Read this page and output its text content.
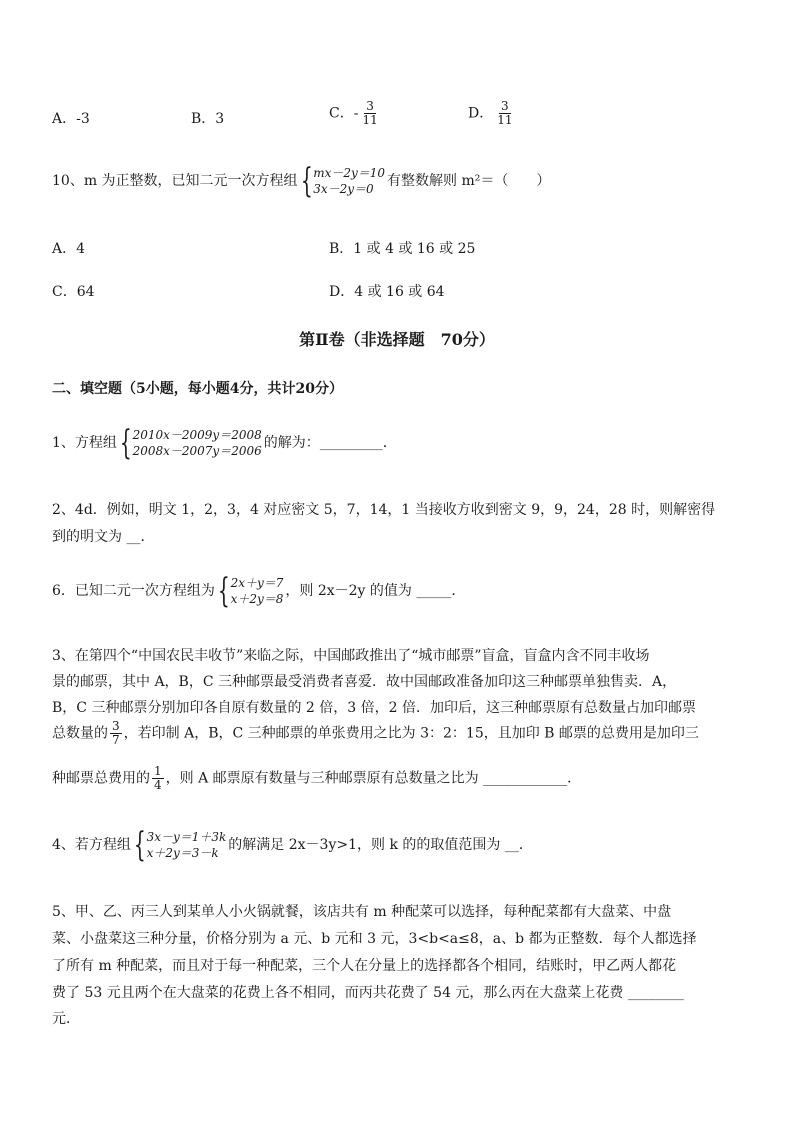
A．-3	B．3	C．- $\frac{3}{11}$	D． $\frac{3}{11}$
10、m 为正整数，已知二元一次方程组 { mx－2y＝10
3x－2y＝0 有整数解则 m²＝（　　）
A．4	B．1 或 4 或 16 或 25
C．64	D．4 或 16 或 64
第Ⅱ卷（非选择题　70分）
二、填空题（5小题，每小题4分，共计20分）
1、方程组 { 2010x－2009y＝2008
2008x－2007y＝2006 的解为：_________．
2、4d．例如，明文 1，2，3，4 对应密文 5，7，14，1 当接收方收到密文 9，9，24，28 时，则解密得
到的明文为 __．
6．已知二元一次方程组为 { 2x＋y＝7
x＋2y＝8 ，则 2x－2y 的值为 _____．
3、在第四个“中国农民丰收节”来临之际，中国邮政推出了“城市邮票”盲盒，盲盒内含不同丰收场
景的邮票，其中 A，B，C 三种邮票最受消费者喜爱．故中国邮政准备加印这三种邮票单独售卖．A，
B，C 三种邮票分别加印各自原有数量的 2 倍，3 倍，2 倍．加印后，这三种邮票原有总数量占加印邮票
总数量的 $\frac{3}{7}$ ，若印制 A，B，C 三种邮票的单张费用之比为 3：2：15，且加印 B 邮票的总费用是加印三
种邮票总费用的 $\frac{1}{4}$ ，则 A 邮票原有数量与三种邮票原有总数量之比为 ____________．
4、若方程组 { 3x－y＝1＋3k
x＋2y＝3－k 的解满足 2x－3y>1，则 k 的的取值范围为 __．
5、甲、乙、丙三人到某单人小火锅就餐，该店共有 m 种配菜可以选择，每种配菜都有大盘菜、中盘
菜、小盘菜这三种分量，价格分别为 a 元、b 元和 3 元，3<b<a≤8，a、b 都为正整数．每个人都选择
了所有 m 种配菜，而且对于每一种配菜，三个人在分量上的选择都各个相同，结账时，甲乙两人都花
费了 53 元且两个在大盘菜的花费上各不相同，而丙共花费了 54 元，那么丙在大盘菜上花费 ________
元．
